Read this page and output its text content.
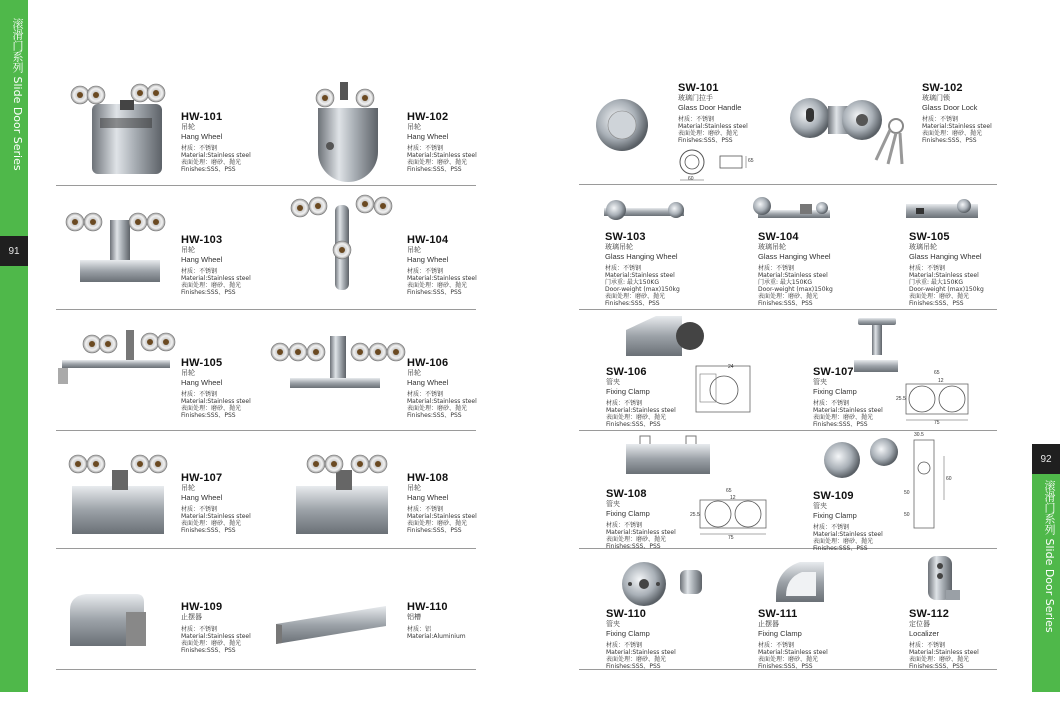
滚滑门系列 Slide Door Series
91
92
滚滑门系列 Slide Door Series
60
65
24
65
12
25.5
75
65
12
25.5
75
30.5
50
60
50
HW-101
吊轮
Hang Wheel
材质：不锈钢
Material:Stainless steel
表面处理：磨砂、抛光
Finishes:SSS、PSS
HW-102
吊轮
Hang Wheel
材质：不锈钢
Material:Stainless steel
表面处理：磨砂、抛光
Finishes:SSS、PSS
HW-103
吊轮
Hang Wheel
材质：不锈钢
Material:Stainless steel
表面处理：磨砂、抛光
Finishes:SSS、PSS
HW-104
吊轮
Hang Wheel
材质：不锈钢
Material:Stainless steel
表面处理：磨砂、抛光
Finishes:SSS、PSS
HW-105
吊轮
Hang Wheel
材质：不锈钢
Material:Stainless steel
表面处理：磨砂、抛光
Finishes:SSS、PSS
HW-106
吊轮
Hang Wheel
材质：不锈钢
Material:Stainless steel
表面处理：磨砂、抛光
Finishes:SSS、PSS
HW-107
吊轮
Hang Wheel
材质：不锈钢
Material:Stainless steel
表面处理：磨砂、抛光
Finishes:SSS、PSS
HW-108
吊轮
Hang Wheel
材质：不锈钢
Material:Stainless steel
表面处理：磨砂、抛光
Finishes:SSS、PSS
HW-109
止摆器
材质：不锈钢
Material:Stainless steel
表面处理：磨砂、抛光
Finishes:SSS、PSS
HW-110
铝槽
材质：铝
Material:Aluminium
SW-101
玻璃门拉手
Glass Door Handle
材质：不锈钢
Material:Stainless steel
表面处理：磨砂、抛光
Finishes:SSS、PSS
SW-102
玻璃门锁
Glass Door Lock
材质：不锈钢
Material:Stainless steel
表面处理：磨砂、抛光
Finishes:SSS、PSS
SW-103
玻璃吊轮
Glass Hanging Wheel
材质：不锈钢
Material:Stainless steel
门承重: 最大150KG
Door-weight (max)150kg
表面处理：磨砂、抛光
Finishes:SSS、PSS
SW-104
玻璃吊轮
Glass Hanging Wheel
材质：不锈钢
Material:Stainless steel
门承重: 最大150KG
Door-weight (max)150kg
表面处理：磨砂、抛光
Finishes:SSS、PSS
SW-105
玻璃吊轮
Glass Hanging Wheel
材质：不锈钢
Material:Stainless steel
门承重: 最大150KG
Door-weight (max)150kg
表面处理：磨砂、抛光
Finishes:SSS、PSS
SW-106
管夹
Fixing Clamp
材质：不锈钢
Material:Stainless steel
表面处理：磨砂、抛光
Finishes:SSS、PSS
SW-107
管夹
Fixing Clamp
材质：不锈钢
Material:Stainless steel
表面处理：磨砂、抛光
Finishes:SSS、PSS
SW-108
管夹
Fixing Clamp
材质：不锈钢
Material:Stainless steel
表面处理：磨砂、抛光
Finishes:SSS、PSS
SW-109
管夹
Fixing Clamp
材质：不锈钢
Material:Stainless steel
表面处理：磨砂、抛光
Finishes:SSS、PSS
SW-110
管夹
Fixing Clamp
材质：不锈钢
Material:Stainless steel
表面处理：磨砂、抛光
Finishes:SSS、PSS
SW-111
止摆器
Fixing Clamp
材质：不锈钢
Material:Stainless steel
表面处理：磨砂、抛光
Finishes:SSS、PSS
SW-112
定位器
Localizer
材质：不锈钢
Material:Stainless steel
表面处理：磨砂、抛光
Finishes:SSS、PSS
